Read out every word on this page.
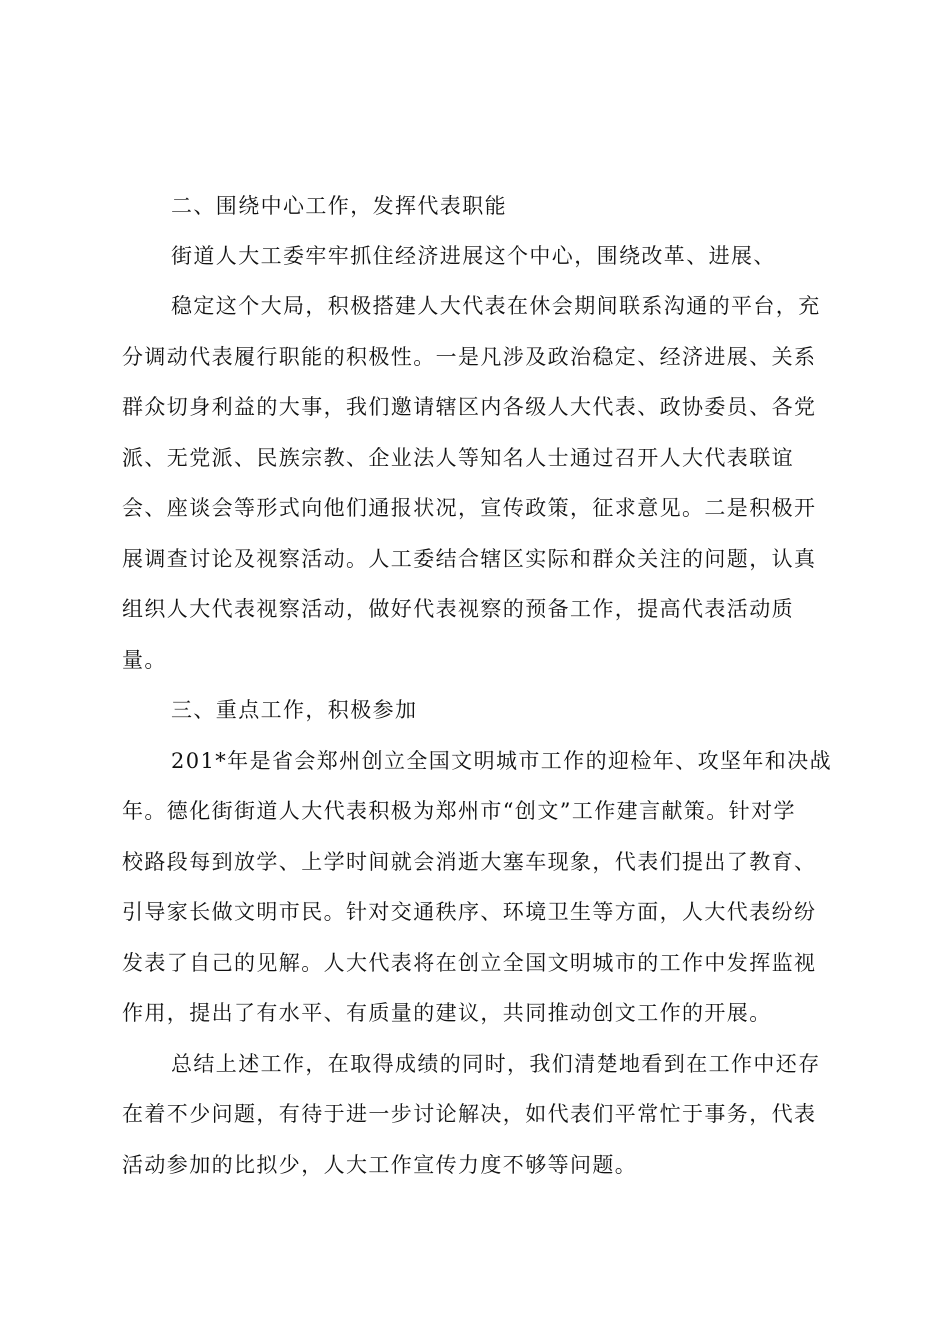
二、围绕中心工作，发挥代表职能
街道人大工委牢牢抓住经济进展这个中心，围绕改革、进展、
稳定这个大局，积极搭建人大代表在休会期间联系沟通的平台，充
分调动代表履行职能的积极性。一是凡涉及政治稳定、经济进展、关系
群众切身利益的大事，我们邀请辖区内各级人大代表、政协委员、各党
派、无党派、民族宗教、企业法人等知名人士通过召开人大代表联谊
会、座谈会等形式向他们通报状况，宣传政策，征求意见。二是积极开
展调查讨论及视察活动。人工委结合辖区实际和群众关注的问题，认真
组织人大代表视察活动，做好代表视察的预备工作，提高代表活动质
量。
三、重点工作，积极参加
201*年是省会郑州创立全国文明城市工作的迎检年、攻坚年和决战
年。德化街街道人大代表积极为郑州市“创文”工作建言献策。针对学
校路段每到放学、上学时间就会消逝大塞车现象，代表们提出了教育、
引导家长做文明市民。针对交通秩序、环境卫生等方面，人大代表纷纷
发表了自己的见解。人大代表将在创立全国文明城市的工作中发挥监视
作用，提出了有水平、有质量的建议，共同推动创文工作的开展。
总结上述工作，在取得成绩的同时，我们清楚地看到在工作中还存
在着不少问题，有待于进一步讨论解决，如代表们平常忙于事务，代表
活动参加的比拟少，人大工作宣传力度不够等问题。
